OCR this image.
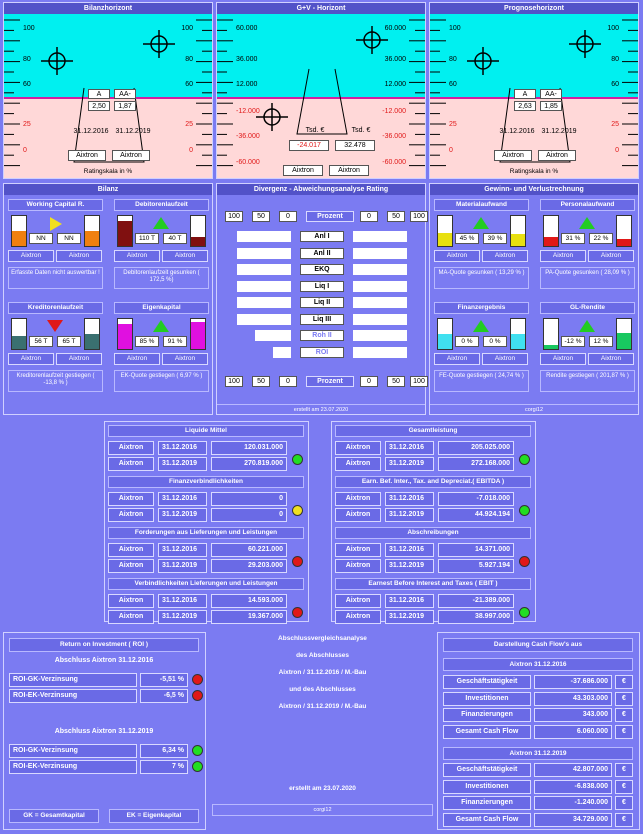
Bilanzhorizont
100	100
80	80
60	60
25	25
0	0
A	AA-
2,50	1,87
31.12.2016 31.12.2019
Aixtron	Aixtron
Ratingskala in %
G+V - Horizont
60.000	60.000
36.000	36.000
12.000	12.000
-12.000	-12.000
-36.000	-36.000
-60.000	-60.000
Tsd. €	Tsd. €
-24.017	32.478
Aixtron	Aixtron
Prognosehorizont
100	100
80	80
60	60
25	25
0	0
A	AA-
2,63	1,85
31.12.2016 31.12.2019
Aixtron	Aixtron
Ratingskala in %
Bilanz
Working Capital R.
NN
Aixtron
NN
Aixtron
Erfasste Daten nicht auswertbar !
Debitorenlaufzeit
110 T
Aixtron
40 T
Aixtron
Debitorenlaufzeit gesunken ( 172,5 %)
Kreditorenlaufzeit
56 T
Aixtron
65 T
Aixtron
Kreditorenlaufzeit gestiegen ( -13,8 % )
Eigenkapital
85 %
Aixtron
91 %
Aixtron
EK-Quote gestiegen ( 6,97 % )
Divergenz - Abweichungsanalyse Rating
100	50	0	Prozent	0	50	100
Anl I
Anl II
EKQ
Liq I
Liq II
Liq III
Roh II
ROI
100	50	0	Prozent	0	50	100
erstellt am 23.07.2020
Gewinn- und Verlustrechnung
Materialaufwand
45 %
Aixtron
39 %
Aixtron
MA-Quote gesunken ( 13,29 % )
Personalaufwand
31 %
Aixtron
22 %
Aixtron
PA-Quote gesunken ( 28,09 % )
Finanzergebnis
0 %
Aixtron
0 %
Aixtron
FE-Quote gestiegen ( 24,74 % )
GL-Rendite
-12 %
Aixtron
12 %
Aixtron
Rendite gestiegen ( 201,87 % )
corgi12
Liquide Mittel
Aixtron	31.12.2016	120.031.000
Aixtron	31.12.2019	270.819.000
Finanzverbindlichkeiten
Aixtron	31.12.2016	0
Aixtron	31.12.2019	0
Forderungen aus Lieferungen und Leistungen
Aixtron	31.12.2016	60.221.000
Aixtron	31.12.2019	29.203.000
Verbindlichkeiten Lieferungen und Leistungen
Aixtron	31.12.2016	14.593.000
Aixtron	31.12.2019	19.367.000
Gesamtleistung
Aixtron	31.12.2016	205.025.000
Aixtron	31.12.2019	272.168.000
Earn. Bef. Inter., Tax. and Depreciat.( EBITDA )
Aixtron	31.12.2016	-7.018.000
Aixtron	31.12.2019	44.924.194
Abschreibungen
Aixtron	31.12.2016	14.371.000
Aixtron	31.12.2019	5.927.194
Earnest Before Interest and Taxes ( EBIT )
Aixtron	31.12.2016	-21.389.000
Aixtron	31.12.2019	38.997.000
Return on Investment ( ROI )
Abschluss Aixtron 31.12.2016
ROI-GK-Verzinsung	-5,51 %
ROI-EK-Verzinsung	-6,5 %
Abschluss Aixtron 31.12.2019
ROI-GK-Verzinsung	6,34 %
ROI-EK-Verzinsung	7 %
GK = Gesamtkapital	EK = Eigenkapital
Abschlussvergleichsanalyse
des Abschlusses
Aixtron / 31.12.2016 / M.-Bau
und des Abschlusses
Aixtron / 31.12.2019 / M.-Bau
erstellt am 23.07.2020
corgi12
Darstellung Cash Flow's aus
Aixtron 31.12.2016
Geschäftstätigkeit	-37.686.000	€
Investitionen	43.303.000	€
Finanzierungen	343.000	€
Gesamt Cash Flow	6.060.000	€
Aixtron 31.12.2019
Geschäftstätigkeit	42.807.000	€
Investitionen	-6.838.000	€
Finanzierungen	-1.240.000	€
Gesamt Cash Flow	34.729.000	€
